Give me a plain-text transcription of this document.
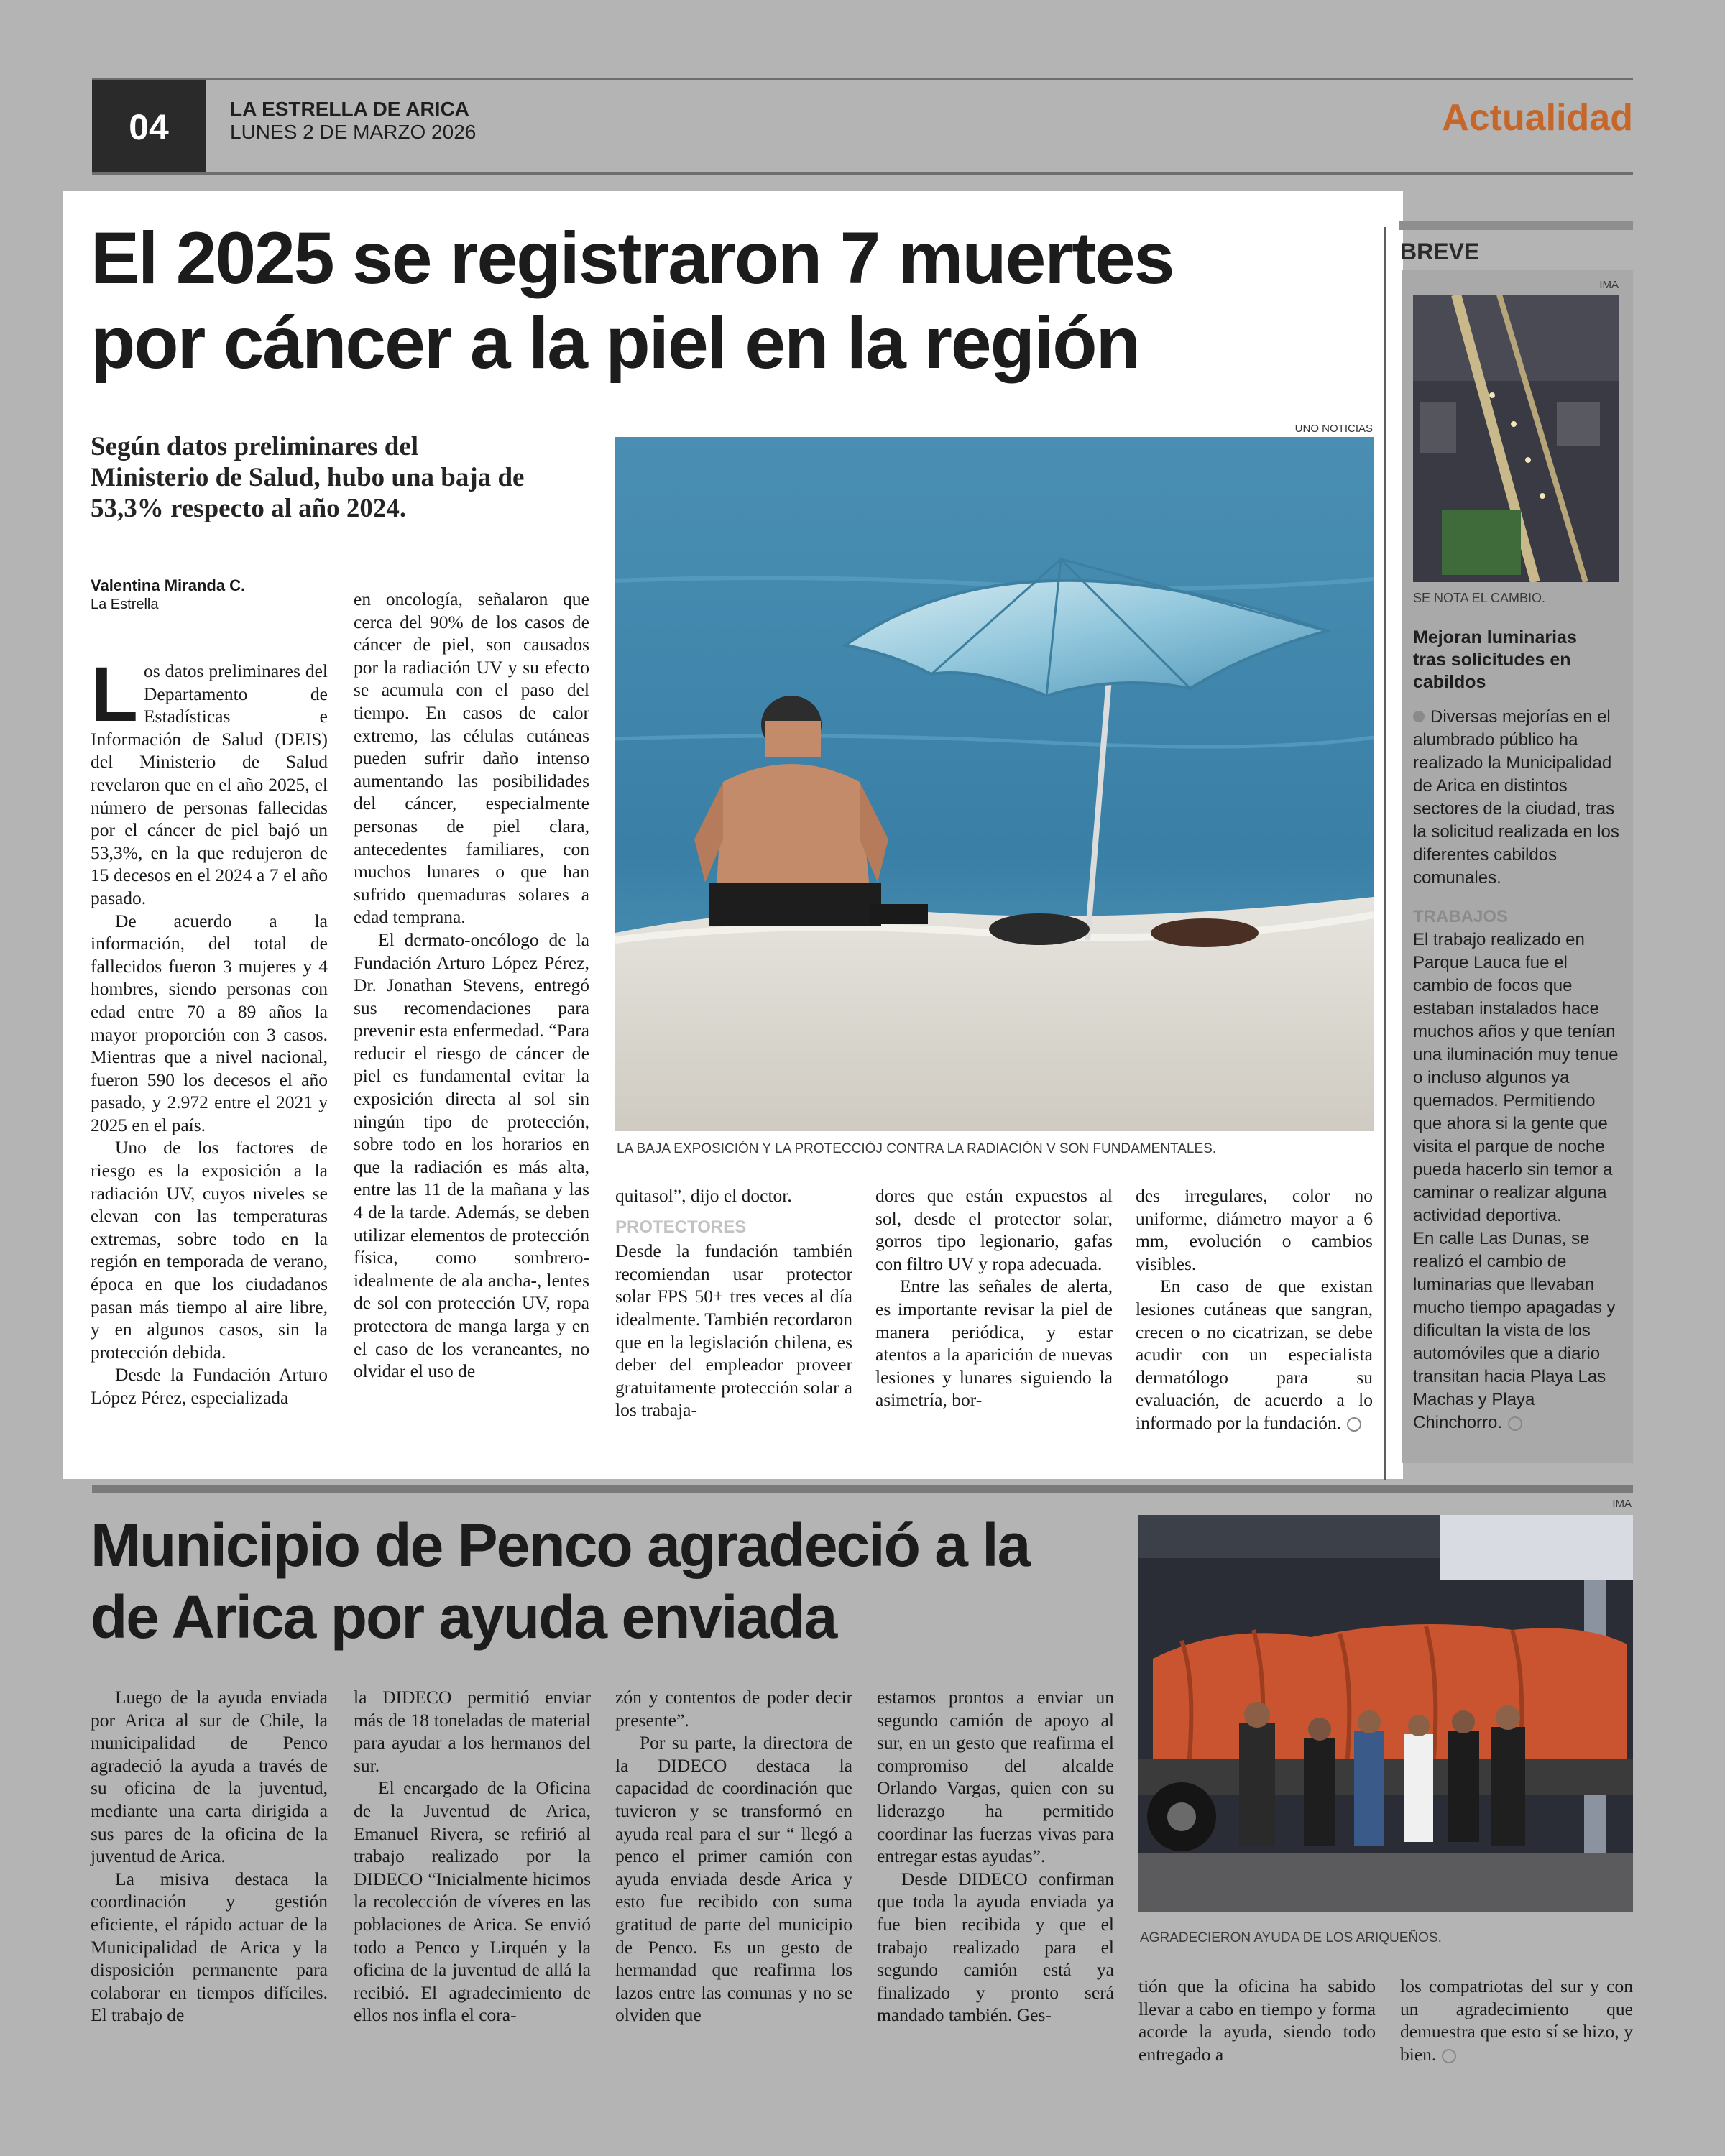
04	LA ESTRELLA DE ARICA
LUNES 2 DE MARZO 2026	Actualidad
El 2025 se registraron 7 muertes
por cáncer a la piel en la región
Según datos preliminares del Ministerio de Salud, hubo una baja de 53,3% respecto al año 2024.
Valentina Miranda C.
La Estrella

Los datos preliminares del Departamento de Estadísticas e Información de Salud (DEIS) del Ministerio de Salud revelaron que en el año 2025, el número de personas fallecidas por el cáncer de piel bajó un 53,3%, en la que redujeron de 15 decesos en el 2024 a 7 el año pasado.

De acuerdo a la información, del total de fallecidos fueron 3 mujeres y 4 hombres, siendo personas con edad entre 70 a 89 años la mayor proporción con 3 casos. Mientras que a nivel nacional, fueron 590 los decesos el año pasado, y 2.972 entre el 2021 y 2025 en el país.

Uno de los factores de riesgo es la exposición a la radiación UV, cuyos niveles se elevan con las temperaturas extremas, sobre todo en la región en temporada de verano, época en que los ciudadanos pasan más tiempo al aire libre, y en algunos casos, sin la protección debida.

Desde la Fundación Arturo López Pérez, especializada

en oncología, señalaron que cerca del 90% de los casos de cáncer de piel, son causados por la radiación UV y su efecto se acumula con el paso del tiempo. En casos de calor extremo, las células cutáneas pueden sufrir daño intenso aumentando las posibilidades del cáncer, especialmente personas de piel clara, antecedentes familiares, con muchos lunares o que han sufrido quemaduras solares a edad temprana.

El dermato-oncólogo de la Fundación Arturo López Pérez, Dr. Jonathan Stevens, entregó sus recomendaciones para prevenir esta enfermedad. “Para reducir el riesgo de cáncer de piel es fundamental evitar la exposición directa al sol sin ningún tipo de protección, sobre todo en los horarios en que la radiación es más alta, entre las 11 de la mañana y las 4 de la tarde. Además, se deben utilizar elementos de protección física, como sombrero-idealmente de ala ancha-, lentes de sol con protección UV, ropa protectora de manga larga y en el caso de los veraneantes, no olvidar el uso de

UNO NOTICIAS
LA BAJA EXPOSICIÓN Y LA PROTECCIÓJ CONTRA LA RADIACIÓN V SON FUNDAMENTALES.

quitasol”, dijo el doctor.

PROTECTORES

Desde la fundación también recomiendan usar protector solar FPS 50+ tres veces al día idealmente. También recordaron que en la legislación chilena, es deber del empleador proveer gratuitamente protección solar a los trabaja-

dores que están expuestos al sol, desde el protector solar, gorros tipo legionario, gafas con filtro UV y ropa adecuada.

Entre las señales de alerta, es importante revisar la piel de manera periódica, y estar atentos a la aparición de nuevas lesiones y lunares siguiendo la asimetría, bor-

des irregulares, color no uniforme, diámetro mayor a 6 mm, evolución o cambios visibles.

En caso de que existan lesiones cutáneas que sangran, crecen o no cicatrizan, se debe acudir con un especialista dermatólogo para su evaluación, de acuerdo a lo informado por la fundación.

BREVE
IMA
SE NOTA EL CAMBIO.
Mejoran luminarias tras solicitudes en cabildos

Diversas mejorías en el alumbrado público ha realizado la Municipalidad de Arica en distintos sectores de la ciudad, tras la solicitud realizada en los diferentes cabildos comunales.

TRABAJOS

El trabajo realizado en Parque Lauca fue el cambio de focos que estaban instalados hace muchos años y que tenían una iluminación muy tenue o incluso algunos ya quemados. Permitiendo que ahora si la gente que visita el parque de noche pueda hacerlo sin temor a caminar o realizar alguna actividad deportiva.

En calle Las Dunas, se realizó el cambio de luminarias que llevaban mucho tiempo apagadas y dificultan la vista de los automóviles que a diario transitan hacia Playa Las Machas y Playa Chinchorro.

Municipio de Penco agradeció a la
de Arica por ayuda enviada
IMA
AGRADECIERON AYUDA DE LOS ARIQUEÑOS.

Luego de la ayuda enviada por Arica al sur de Chile, la municipalidad de Penco agradeció la ayuda a través de su oficina de la juventud, mediante una carta dirigida a sus pares de la oficina de la juventud de Arica.

La misiva destaca la coordinación y gestión eficiente, el rápido actuar de la Municipalidad de Arica y la disposición permanente para colaborar en tiempos difíciles. El trabajo de

la DIDECO permitió enviar más de 18 toneladas de material para ayudar a los hermanos del sur.

El encargado de la Oficina de la Juventud de Arica, Emanuel Rivera, se refirió al trabajo realizado por la DIDECO “Inicialmente hicimos la recolección de víveres en las poblaciones de Arica. Se envió todo a Penco y Lirquén y la oficina de la juventud de allá la recibió. El agradecimiento de ellos nos infla el cora-

zón y contentos de poder decir presente”.

Por su parte, la directora de la DIDECO destaca la capacidad de coordinación que tuvieron y se transformó en ayuda real para el sur “ llegó a penco el primer camión con ayuda enviada desde Arica y esto fue recibido con suma gratitud de parte del municipio de Penco. Es un gesto de hermandad que reafirma los lazos entre las comunas y no se olviden que

estamos prontos a enviar un segundo camión de apoyo al sur, en un gesto que reafirma el compromiso del alcalde Orlando Vargas, quien con su liderazgo ha permitido coordinar las fuerzas vivas para entregar estas ayudas”.

Desde DIDECO confirman que toda la ayuda enviada ya fue bien recibida y que el trabajo realizado para el segundo camión está ya finalizado y pronto será mandado también. Ges-

tión que la oficina ha sabido llevar a cabo en tiempo y forma acorde la ayuda, siendo todo entregado a

los compatriotas del sur y con un agradecimiento que demuestra que esto sí se hizo, y bien.
